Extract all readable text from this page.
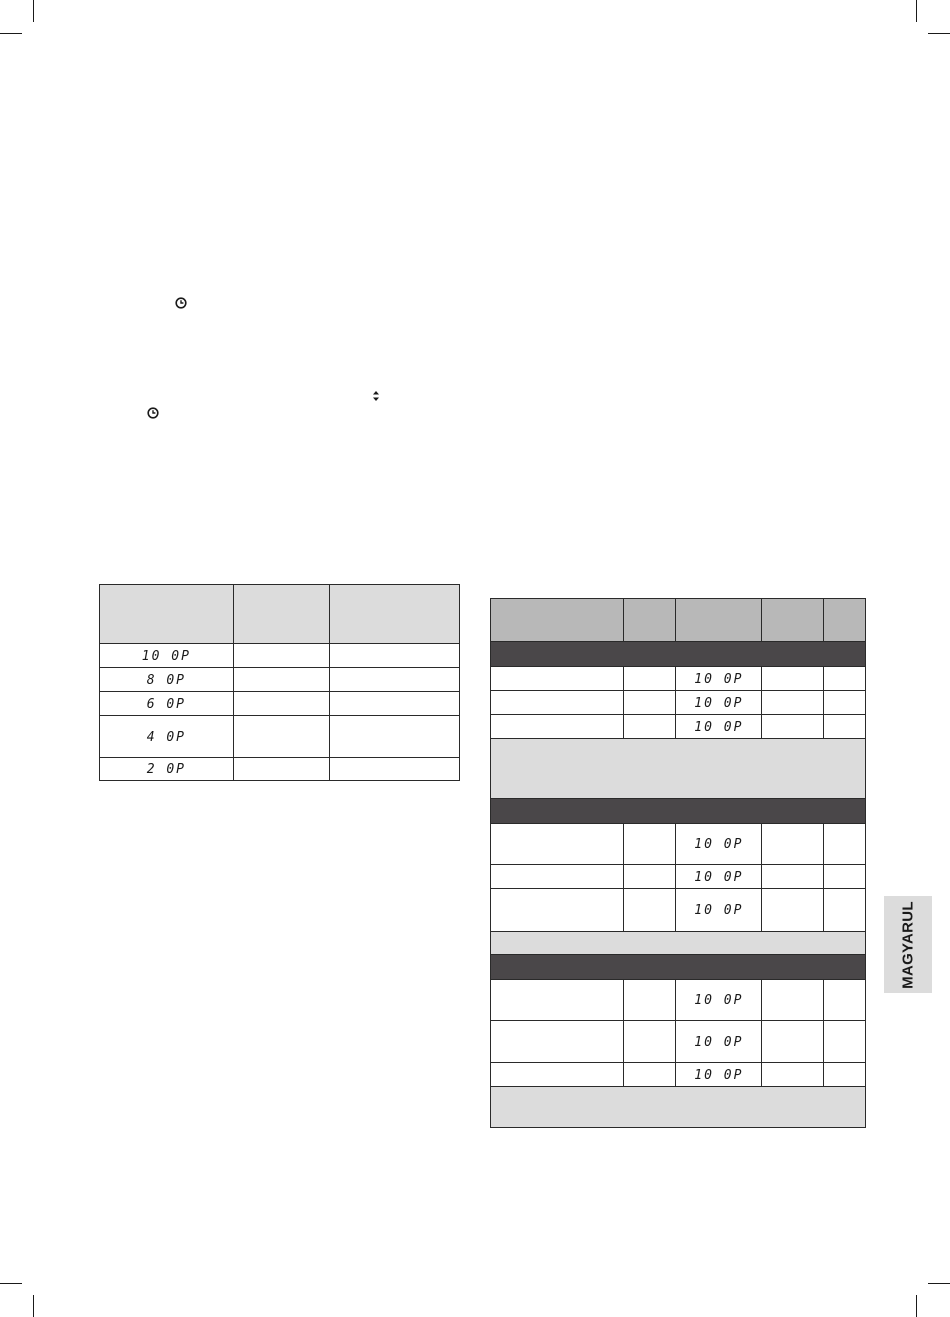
10 0P		
8 0P		
6 0P		
4 0P		
2 0P		

		10 0P		
		10 0P		
		10 0P		

		10 0P		
		10 0P		
		10 0P		

		10 0P		
		10 0P		
		10 0P		

MAGYARUL
